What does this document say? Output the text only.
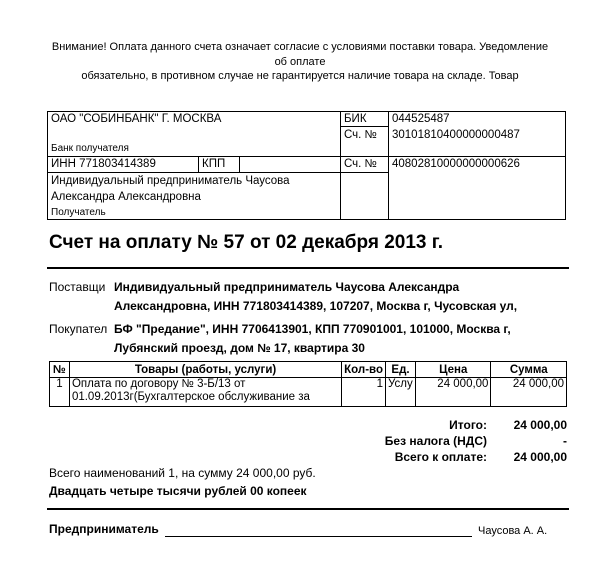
Внимание! Оплата данного счета означает согласие с условиями поставки товара. Уведомление
об оплате
обязательно, в противном случае не гарантируется наличие товара на складе. Товар
ОАО "СОБИНБАНК" Г. МОСКВА
Банк получателя
БИК 044525487
Сч. № 30101810400000000487
ИНН 771803414389	КПП	Сч. № 40802810000000000626
Индивидуальный предприниматель Чаусова
Александра Александровна
Получатель
Счет на оплату № 57 от 02 декабря 2013 г.
Поставщи Индивидуальный предприниматель Чаусова Александра
Александровна, ИНН 771803414389, 107207, Москва г, Чусовская ул,
Покупател БФ "Предание", ИНН 7706413901, КПП 770901001, 101000, Москва г,
Лубянский проезд, дом № 17, квартира 30
№	Товары (работы, услуги)	Кол-во	Ед.	Цена	Сумма
1	Оплата по договору № 3-Б/13 от
01.09.2013г(Бухгалтерское обслуживание за	1	Услу	24 000,00	24 000,00
Итого: 24 000,00
Без налога (НДС)	-
Всего к оплате: 24 000,00
Всего наименований 1, на сумму 24 000,00 руб.
Двадцать четыре тысячи рублей 00 копеек
Предприниматель	Чаусова А. А.
